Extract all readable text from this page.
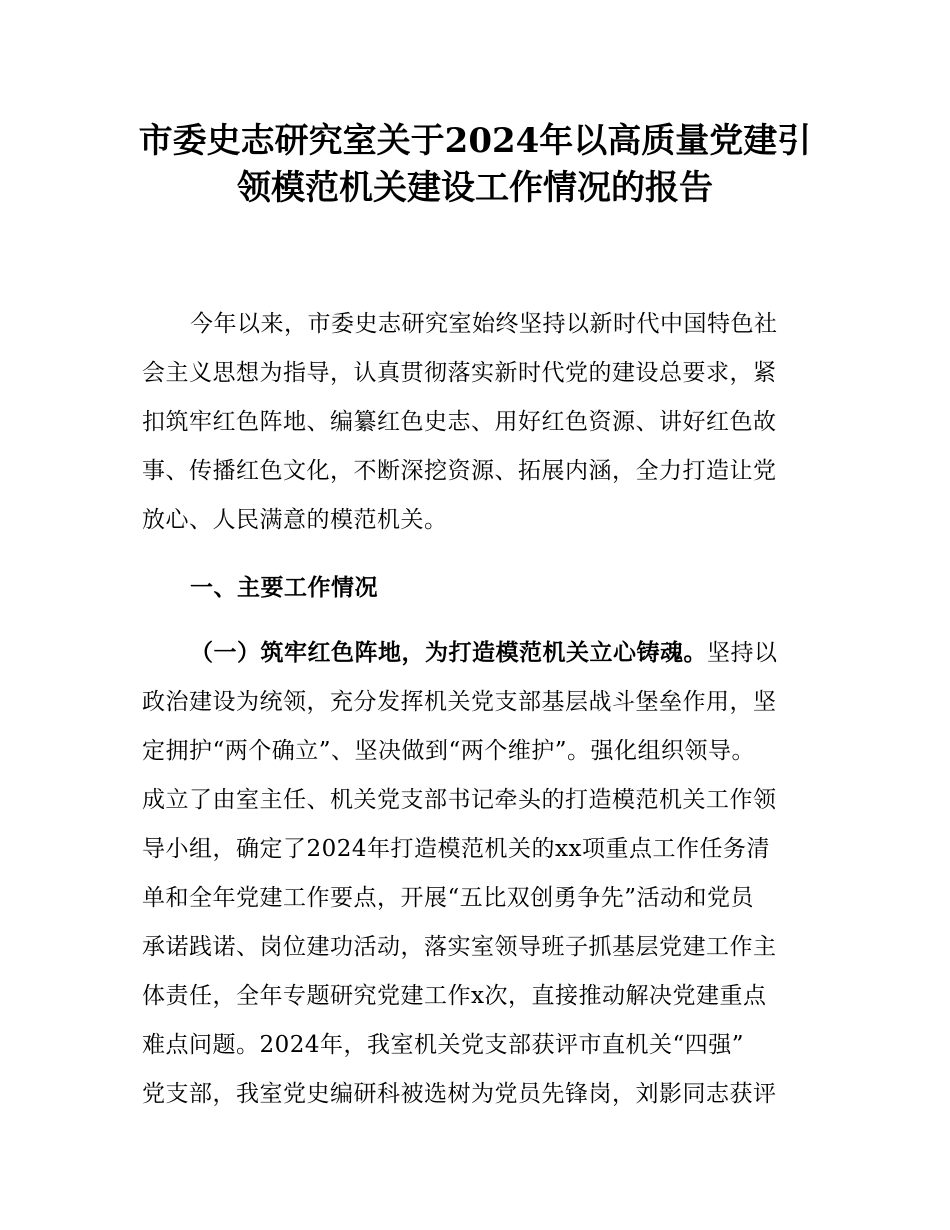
市委史志研究室关于2024年以高质量党建引
领模范机关建设工作情况的报告
今年以来，市委史志研究室始终坚持以新时代中国特色社
会主义思想为指导，认真贯彻落实新时代党的建设总要求，紧
扣筑牢红色阵地、编纂红色史志、用好红色资源、讲好红色故
事、传播红色文化，不断深挖资源、拓展内涵，全力打造让党
放心、人民满意的模范机关。
一、主要工作情况
（一）筑牢红色阵地，为打造模范机关立心铸魂。坚持以
政治建设为统领，充分发挥机关党支部基层战斗堡垒作用，坚
定拥护“两个确立”、坚决做到“两个维护”。强化组织领导。
成立了由室主任、机关党支部书记牵头的打造模范机关工作领
导小组，确定了2024年打造模范机关的xx项重点工作任务清
单和全年党建工作要点，开展“五比双创勇争先”活动和党员
承诺践诺、岗位建功活动，落实室领导班子抓基层党建工作主
体责任，全年专题研究党建工作x次，直接推动解决党建重点
难点问题。2024年，我室机关党支部获评市直机关“四强”
党支部，我室党史编研科被选树为党员先锋岗，刘影同志获评
